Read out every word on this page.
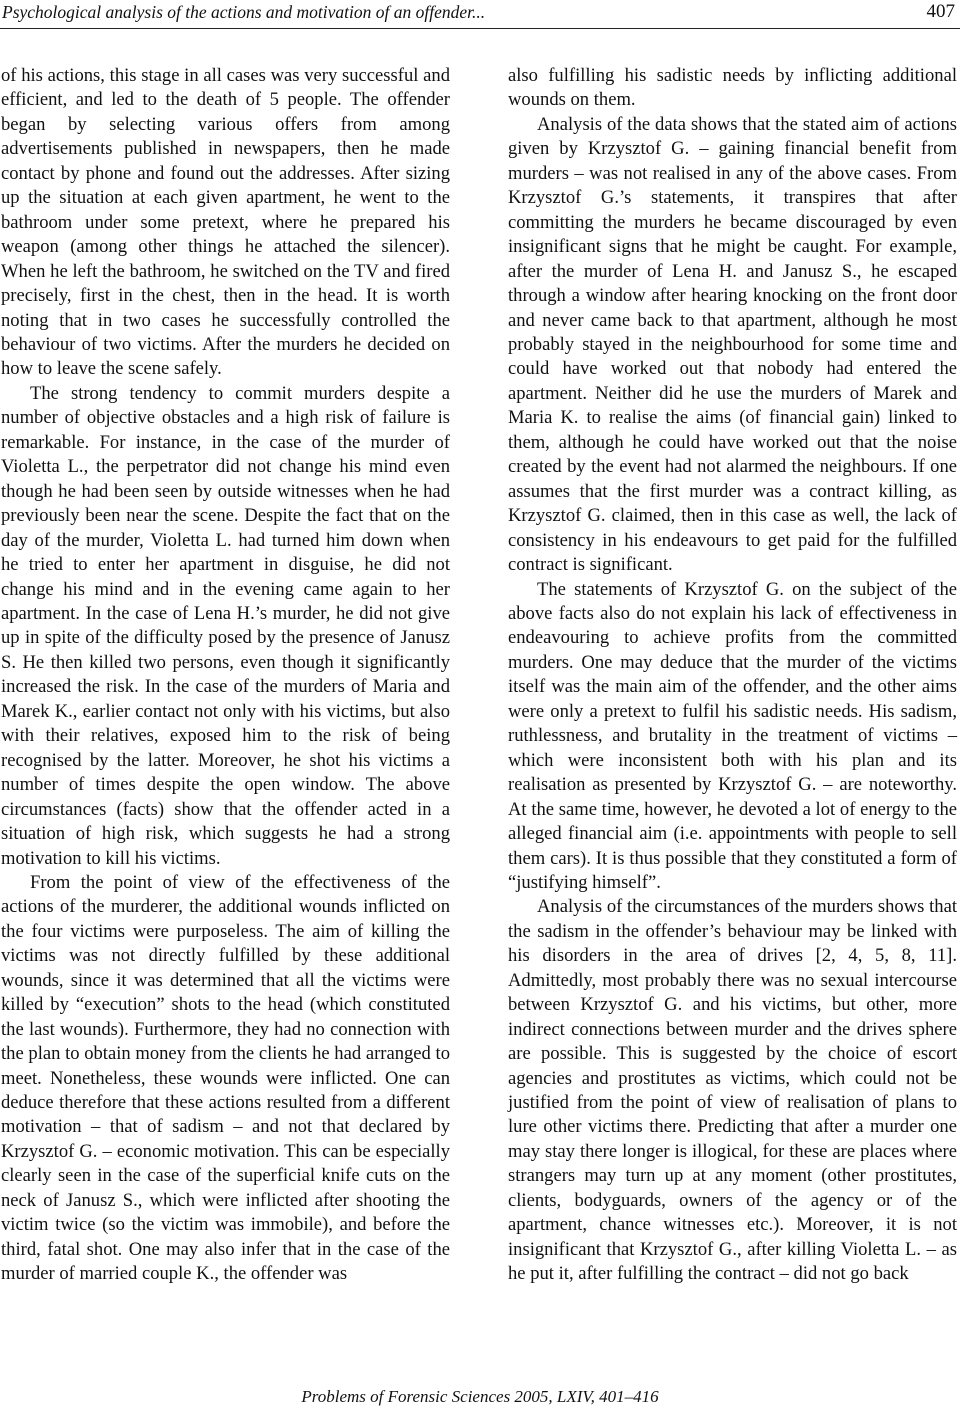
Psychological analysis of the actions and motivation of an offender...	407

of his actions, this stage in all cases was very successful and efficient, and led to the death of 5 people. The offender began by selecting various offers from among advertisements published in newspapers, then he made contact by phone and found out the addresses. After sizing up the situation at each given apartment, he went to the bathroom under some pretext, where he prepared his weapon (among other things he attached the silencer). When he left the bathroom, he switched on the TV and fired precisely, first in the chest, then in the head. It is worth noting that in two cases he successfully controlled the behaviour of two victims. After the murders he decided on how to leave the scene safely.

The strong tendency to commit murders despite a number of objective obstacles and a high risk of failure is remarkable. For instance, in the case of the murder of Violetta L., the perpetrator did not change his mind even though he had been seen by outside witnesses when he had previously been near the scene. Despite the fact that on the day of the murder, Violetta L. had turned him down when he tried to enter her apartment in disguise, he did not change his mind and in the evening came again to her apartment. In the case of Lena H.’s murder, he did not give up in spite of the difficulty posed by the presence of Janusz S. He then killed two persons, even though it significantly increased the risk. In the case of the murders of Maria and Marek K., earlier contact not only with his victims, but also with their relatives, exposed him to the risk of being recognised by the latter. Moreover, he shot his victims a number of times despite the open window. The above circumstances (facts) show that the offender acted in a situation of high risk, which suggests he had a strong motivation to kill his victims.

From the point of view of the effectiveness of the actions of the murderer, the additional wounds inflicted on the four victims were purposeless. The aim of killing the victims was not directly fulfilled by these additional wounds, since it was determined that all the victims were killed by “execution” shots to the head (which constituted the last wounds). Furthermore, they had no connection with the plan to obtain money from the clients he had arranged to meet. Nonetheless, these wounds were inflicted. One can deduce therefore that these actions resulted from a different motivation – that of sadism – and not that declared by Krzysztof G. – economic motivation. This can be especially clearly seen in the case of the superficial knife cuts on the neck of Janusz S., which were inflicted after shooting the victim twice (so the victim was immobile), and before the third, fatal shot. One may also infer that in the case of the murder of married couple K., the offender was

also fulfilling his sadistic needs by inflicting additional wounds on them.

Analysis of the data shows that the stated aim of actions given by Krzysztof G. – gaining financial benefit from murders – was not realised in any of the above cases. From Krzysztof G.’s statements, it transpires that after committing the murders he became discouraged by even insignificant signs that he might be caught. For example, after the murder of Lena H. and Janusz S., he escaped through a window after hearing knocking on the front door and never came back to that apartment, although he most probably stayed in the neighbourhood for some time and could have worked out that nobody had entered the apartment. Neither did he use the murders of Marek and Maria K. to realise the aims (of financial gain) linked to them, although he could have worked out that the noise created by the event had not alarmed the neighbours. If one assumes that the first murder was a contract killing, as Krzysztof G. claimed, then in this case as well, the lack of consistency in his endeavours to get paid for the fulfilled contract is significant.

The statements of Krzysztof G. on the subject of the above facts also do not explain his lack of effectiveness in endeavouring to achieve profits from the committed murders. One may deduce that the murder of the victims itself was the main aim of the offender, and the other aims were only a pretext to fulfil his sadistic needs. His sadism, ruthlessness, and brutality in the treatment of victims – which were inconsistent both with his plan and its realisation as presented by Krzysztof G. – are noteworthy. At the same time, however, he devoted a lot of energy to the alleged financial aim (i.e. appointments with people to sell them cars). It is thus possible that they constituted a form of “justifying himself”.

Analysis of the circumstances of the murders shows that the sadism in the offender’s behaviour may be linked with his disorders in the area of drives [2, 4, 5, 8, 11]. Admittedly, most probably there was no sexual intercourse between Krzysztof G. and his victims, but other, more indirect connections between murder and the drives sphere are possible. This is suggested by the choice of escort agencies and prostitutes as victims, which could not be justified from the point of view of realisation of plans to lure other victims there. Predicting that after a murder one may stay there longer is illogical, for these are places where strangers may turn up at any moment (other prostitutes, clients, bodyguards, owners of the agency or of the apartment, chance witnesses etc.). Moreover, it is not insignificant that Krzysztof G., after killing Violetta L. – as he put it, after fulfilling the contract – did not go back

Problems of Forensic Sciences 2005, LXIV, 401–416
